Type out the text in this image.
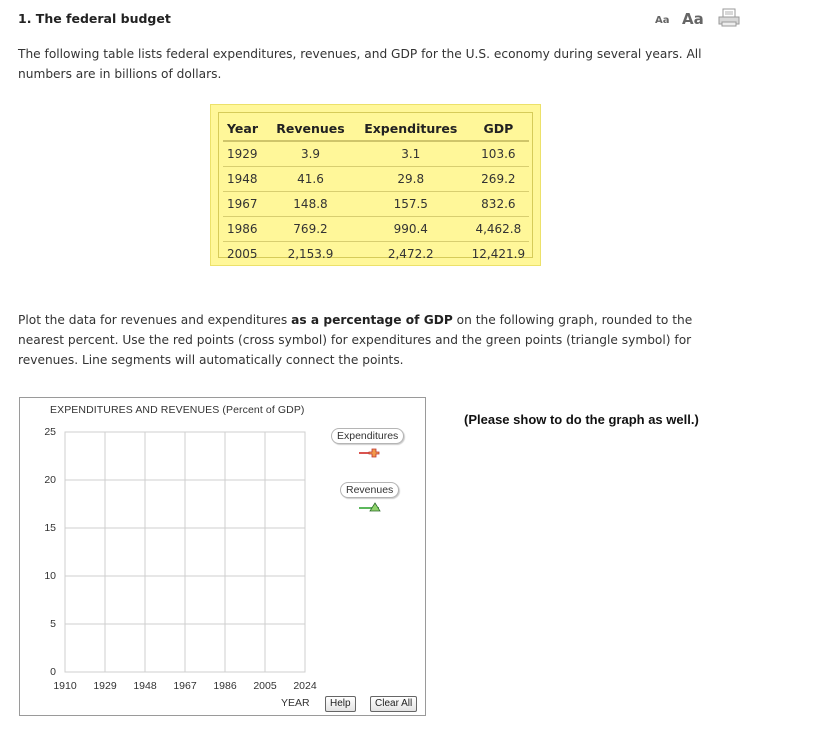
1. The federal budget	Aa Aa
The following table lists federal expenditures, revenues, and GDP for the U.S. economy during several years. All numbers are in billions of dollars.
Year	Revenues	Expenditures	GDP
1929	3.9	3.1	103.6
1948	41.6	29.8	269.2
1967	148.8	157.5	832.6
1986	769.2	990.4	4,462.8
2005	2,153.9	2,472.2	12,421.9
Plot the data for revenues and expenditures as a percentage of GDP on the following graph, rounded to the nearest percent. Use the red points (cross symbol) for expenditures and the green points (triangle symbol) for revenues. Line segments will automatically connect the points.
EXPENDITURES AND REVENUES (Percent of GDP)
1910 1929 1948 1967 1986 2005 2024
0
5
10
15
20
25	Expenditures
Revenues
YEAR	Help	Clear All
(Please show to do the graph as well.)
